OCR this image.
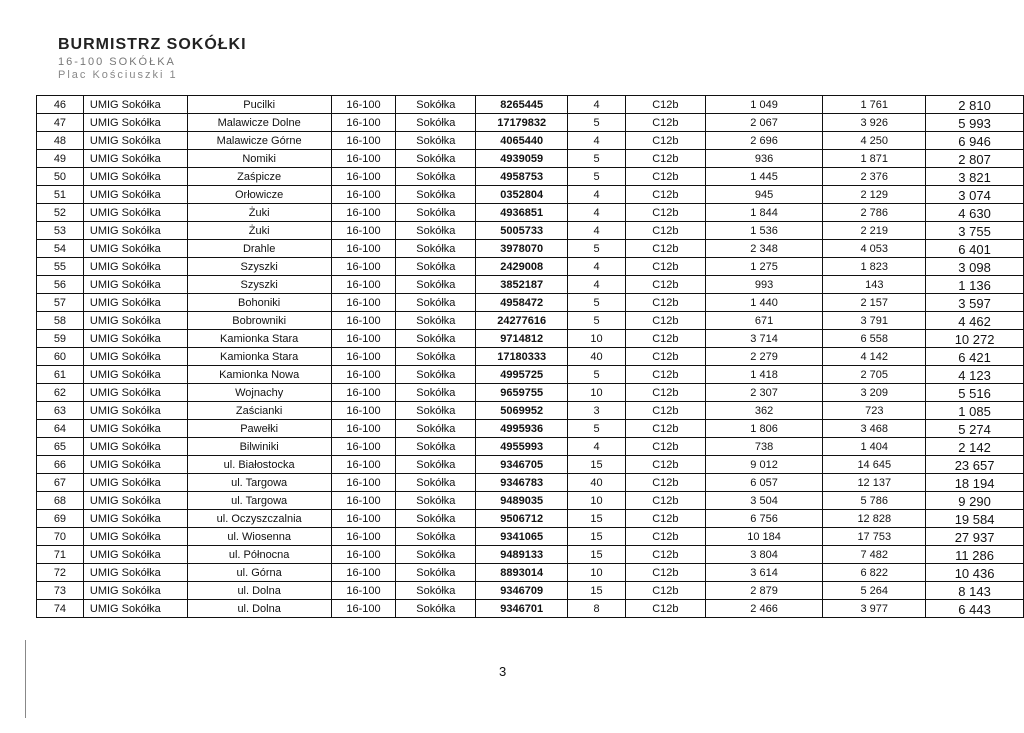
BURMISTRZ SOKÓŁKI
16-100 SOKÓŁKA
Plac Kościuszki 1
46	UMIG Sokółka	Pucilki	16-100	Sokółka	8265445	4	C12b	1 049	1 761	2 810
47	UMIG Sokółka	Malawicze Dolne	16-100	Sokółka	17179832	5	C12b	2 067	3 926	5 993
48	UMIG Sokółka	Malawicze Górne	16-100	Sokółka	4065440	4	C12b	2 696	4 250	6 946
49	UMIG Sokółka	Nomiki	16-100	Sokółka	4939059	5	C12b	936	1 871	2 807
50	UMIG Sokółka	Zaśpicze	16-100	Sokółka	4958753	5	C12b	1 445	2 376	3 821
51	UMIG Sokółka	Orłowicze	16-100	Sokółka	0352804	4	C12b	945	2 129	3 074
52	UMIG Sokółka	Żuki	16-100	Sokółka	4936851	4	C12b	1 844	2 786	4 630
53	UMIG Sokółka	Żuki	16-100	Sokółka	5005733	4	C12b	1 536	2 219	3 755
54	UMIG Sokółka	Drahle	16-100	Sokółka	3978070	5	C12b	2 348	4 053	6 401
55	UMIG Sokółka	Szyszki	16-100	Sokółka	2429008	4	C12b	1 275	1 823	3 098
56	UMIG Sokółka	Szyszki	16-100	Sokółka	3852187	4	C12b	993	143	1 136
57	UMIG Sokółka	Bohoniki	16-100	Sokółka	4958472	5	C12b	1 440	2 157	3 597
58	UMIG Sokółka	Bobrowniki	16-100	Sokółka	24277616	5	C12b	671	3 791	4 462
59	UMIG Sokółka	Kamionka Stara	16-100	Sokółka	9714812	10	C12b	3 714	6 558	10 272
60	UMIG Sokółka	Kamionka Stara	16-100	Sokółka	17180333	40	C12b	2 279	4 142	6 421
61	UMIG Sokółka	Kamionka Nowa	16-100	Sokółka	4995725	5	C12b	1 418	2 705	4 123
62	UMIG Sokółka	Wojnachy	16-100	Sokółka	9659755	10	C12b	2 307	3 209	5 516
63	UMIG Sokółka	Zaścianki	16-100	Sokółka	5069952	3	C12b	362	723	1 085
64	UMIG Sokółka	Pawełki	16-100	Sokółka	4995936	5	C12b	1 806	3 468	5 274
65	UMIG Sokółka	Bilwiniki	16-100	Sokółka	4955993	4	C12b	738	1 404	2 142
66	UMIG Sokółka	ul. Białostocka	16-100	Sokółka	9346705	15	C12b	9 012	14 645	23 657
67	UMIG Sokółka	ul. Targowa	16-100	Sokółka	9346783	40	C12b	6 057	12 137	18 194
68	UMIG Sokółka	ul. Targowa	16-100	Sokółka	9489035	10	C12b	3 504	5 786	9 290
69	UMIG Sokółka	ul. Oczyszczalnia	16-100	Sokółka	9506712	15	C12b	6 756	12 828	19 584
70	UMIG Sokółka	ul. Wiosenna	16-100	Sokółka	9341065	15	C12b	10 184	17 753	27 937
71	UMIG Sokółka	ul. Północna	16-100	Sokółka	9489133	15	C12b	3 804	7 482	11 286
72	UMIG Sokółka	ul. Górna	16-100	Sokółka	8893014	10	C12b	3 614	6 822	10 436
73	UMIG Sokółka	ul. Dolna	16-100	Sokółka	9346709	15	C12b	2 879	5 264	8 143
74	UMIG Sokółka	ul. Dolna	16-100	Sokółka	9346701	8	C12b	2 466	3 977	6 443
3
